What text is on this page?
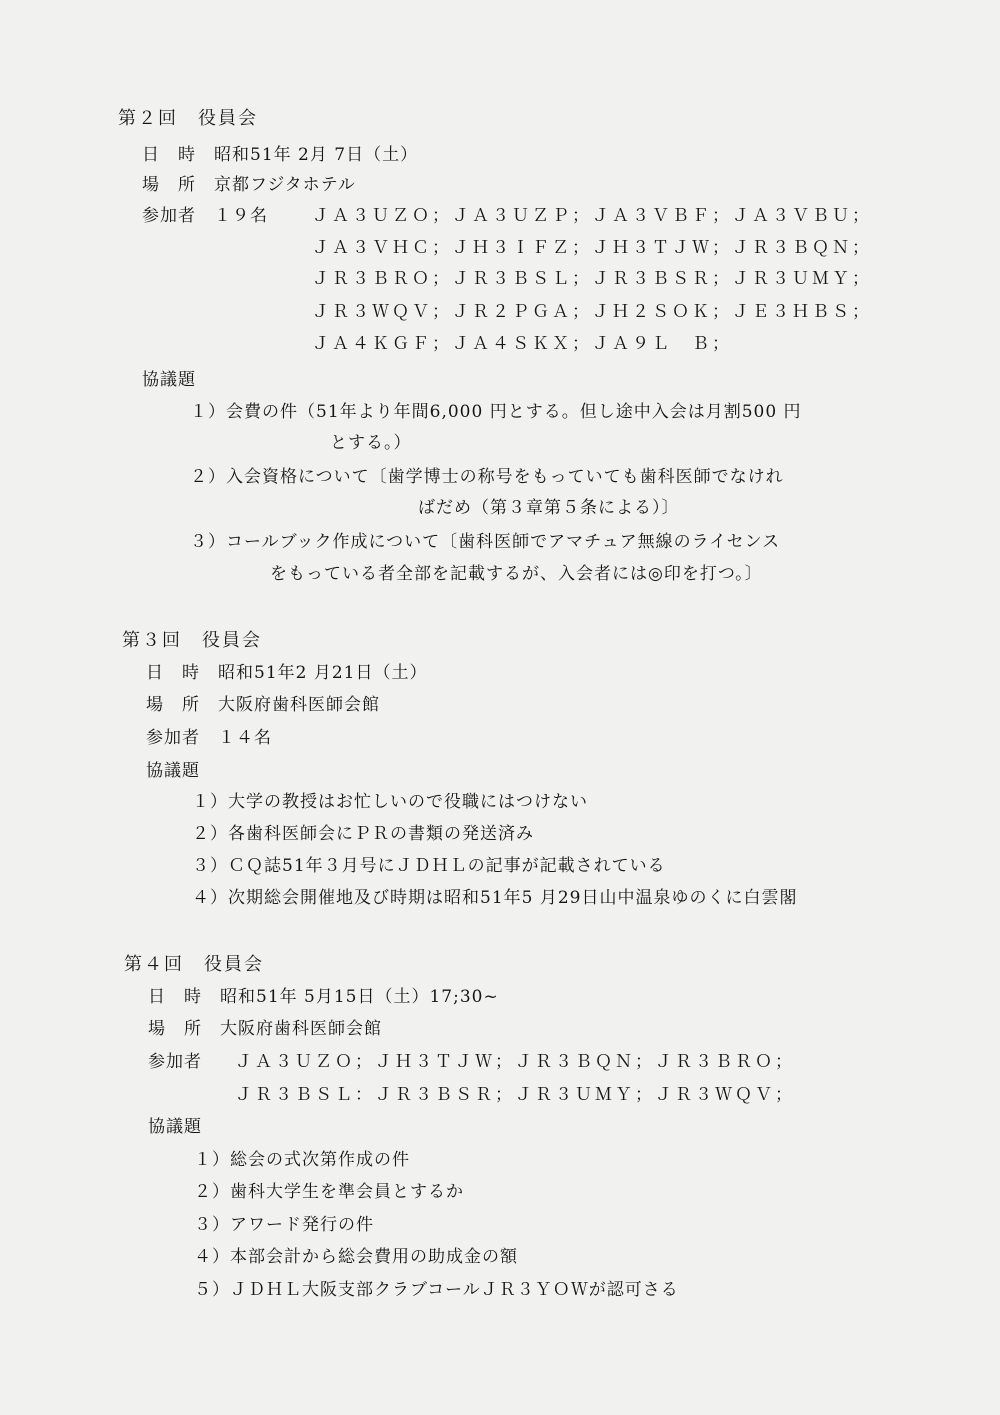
第２回　役員会
日　時　昭和51年 2月 7日（土）
場　所　京都フジタホテル
参加者　１９名	ＪＡ３ＵＺＯ；ＪＡ３ＵＺＰ；ＪＡ３ＶＢＦ；ＪＡ３ＶＢＵ；
ＪＡ３ＶＨＣ；ＪＨ３ＩＦＺ；ＪＨ３ＴＪＷ；ＪＲ３ＢＱＮ；
ＪＲ３ＢＲＯ；ＪＲ３ＢＳＬ；ＪＲ３ＢＳＲ；ＪＲ３ＵＭＹ；
ＪＲ３ＷＱＶ；ＪＲ２ＰＧＡ；ＪＨ２ＳＯＫ；ＪＥ３ＨＢＳ；
ＪＡ４ＫＧＦ；ＪＡ４ＳＫＸ；ＪＡ９Ｌ　Ｂ；
協議題
１）会費の件（51年より年間6,000 円とする。但し途中入会は月割500 円
とする。）
２）入会資格について〔歯学博士の称号をもっていても歯科医師でなけれ
ばだめ（第３章第５条による）〕
３）コールブック作成について〔歯科医師でアマチュア無線のライセンス
をもっている者全部を記載するが、入会者には◎印を打つ。〕
第３回　役員会
日　時　昭和51年2 月21日（土）
場　所　大阪府歯科医師会館
参加者　１４名
協議題
１）大学の教授はお忙しいので役職にはつけない
２）各歯科医師会にＰＲの書類の発送済み
３）ＣＱ誌51年３月号にＪＤＨＬの記事が記載されている
４）次期総会開催地及び時期は昭和51年5 月29日山中温泉ゆのくに白雲閣
第４回　役員会
日　時　昭和51年 5月15日（土）17;30~
場　所　大阪府歯科医師会館
参加者 ＪＡ３ＵＺＯ；ＪＨ３ＴＪＷ；ＪＲ３ＢＱＮ；ＪＲ３ＢＲＯ；
ＪＲ３ＢＳＬ：ＪＲ３ＢＳＲ；ＪＲ３ＵＭＹ；ＪＲ３ＷＱＶ；
協議題
１）総会の式次第作成の件
２）歯科大学生を準会員とするか
３）アワード発行の件
４）本部会計から総会費用の助成金の額
５）ＪＤＨＬ大阪支部クラブコールＪＲ３ＹＯＷが認可さる
